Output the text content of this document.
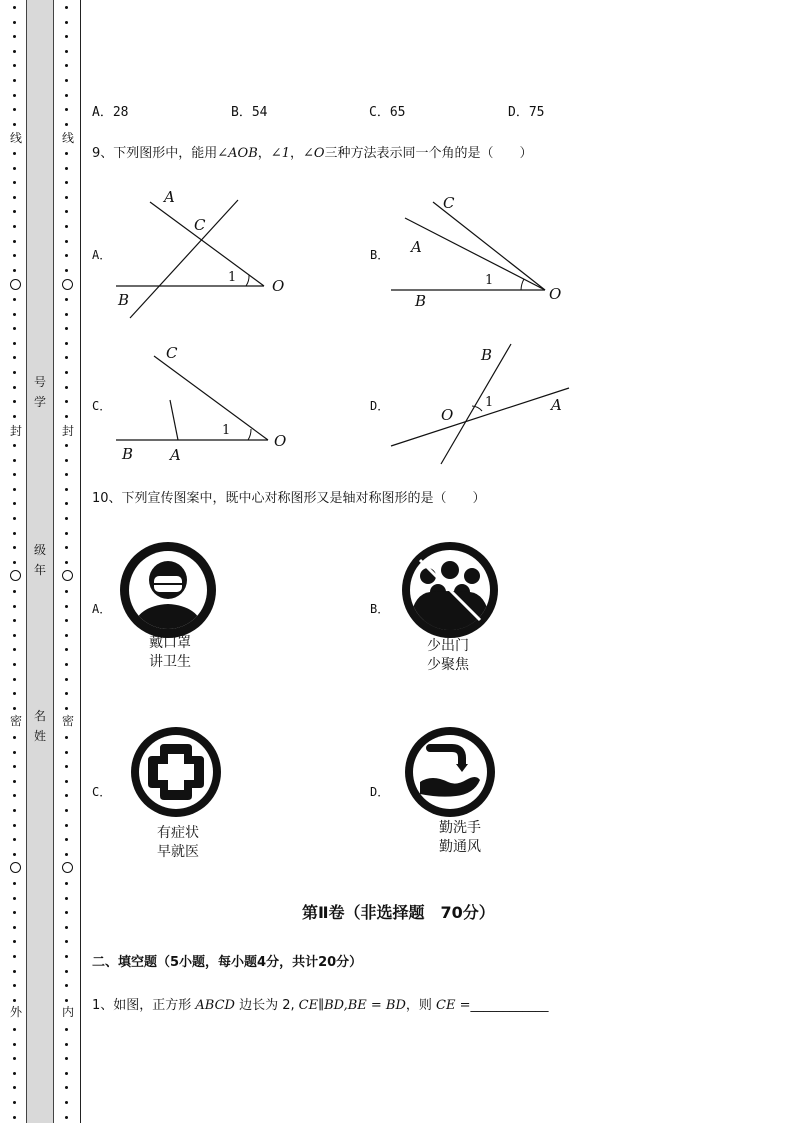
线
封
密
外
号
学
级
年
名
姓
线
封
密
内
A．28	B．54	C．65	D．75
9、下列图形中，能用∠AOB，∠1，∠O三种方法表示同一个角的是（　　）
A．
A
C
B
O
1
B．
C
A
B	O
1
C．
C
B A
O
1
D．
B
O
A
1
10、下列宣传图案中，既中心对称图形又是轴对称图形的是（　　）
A．
戴口罩
讲卫生
B．
少出门
少聚焦
C．
有症状
早就医
D．
勤洗手
勤通风
第Ⅱ卷（非选择题　70分）
二、填空题（5小题，每小题4分，共计20分）
1、如图，正方形 ABCD 边长为 2, CE∥BD,BE = BD，则 CE =____________
